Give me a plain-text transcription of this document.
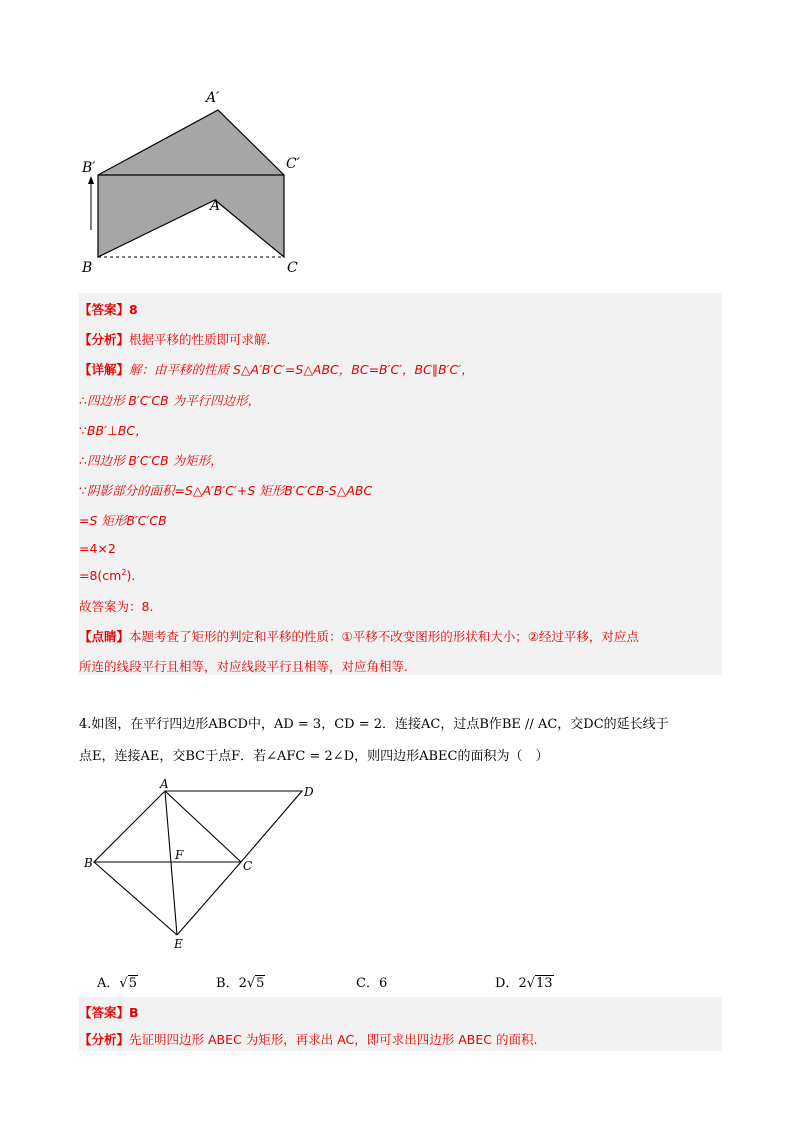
A′
B′	C′
A
B	C
【答案】8
【分析】根据平移的性质即可求解.
【详解】解：由平移的性质 S△A′B′C′=S△ABC，BC=B′C′，BC∥B′C′，
∴四边形 B′C′CB 为平行四边形，
∵BB′⊥BC，
∴四边形 B′C′CB 为矩形，
∵阴影部分的面积=S△A′B′C′+S 矩形B′C′CB-S△ABC
=S 矩形B′C′CB
=4×2
$=8(cm^2)$.
故答案为：8.
【点睛】本题考查了矩形的判定和平移的性质：①平移不改变图形的形状和大小；②经过平移，对应点
所连的线段平行且相等，对应线段平行且相等，对应角相等.
4.如图，在平行四边形ABCD中，AD = 3，CD = 2．连接AC，过点B作BE // AC，交DC的延长线于
点E，连接AE，交BC于点F．若∠AFC = 2∠D，则四边形ABEC的面积为（　）
A
D
B
F
C
E
A．√5	B．2√5	C．6	D．2√13
【答案】B
【分析】先证明四边形 ABEC 为矩形，再求出 AC，即可求出四边形 ABEC 的面积.
